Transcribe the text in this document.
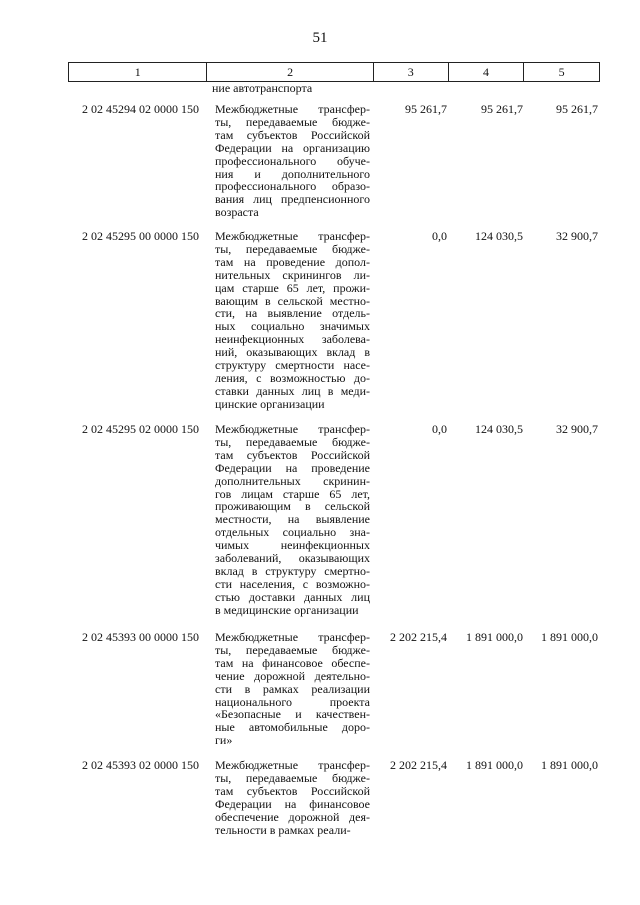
51
1	2	3	4	5
ние автотранспорта
2 02 45294 02 0000 150	Межбюджетные трансфер-
ты, передаваемые бюдже-
там субъектов Российской
Федерации на организацию
профессионального обуче-
ния и дополнительного
профессионального образо-
вания лиц предпенсионного
возраста
95 261,7	95 261,7	95 261,7
2 02 45295 00 0000 150	Межбюджетные трансфер-
ты, передаваемые бюдже-
там на проведение допол-
нительных скринингов ли-
цам старше 65 лет, прожи-
вающим в сельской местно-
сти, на выявление отдель-
ных социально значимых
неинфекционных заболева-
ний, оказывающих вклад в
структуру смертности насе-
ления, с возможностью до-
ставки данных лиц в меди-
цинские организации
0,0	124 030,5	32 900,7
2 02 45295 02 0000 150	Межбюджетные трансфер-
ты, передаваемые бюдже-
там субъектов Российской
Федерации на проведение
дополнительных скринин-
гов лицам старше 65 лет,
проживающим в сельской
местности, на выявление
отдельных социально зна-
чимых неинфекционных
заболеваний, оказывающих
вклад в структуру смертно-
сти населения, с возможно-
стью доставки данных лиц
в медицинские организации
0,0	124 030,5	32 900,7
2 02 45393 00 0000 150	Межбюджетные трансфер-
ты, передаваемые бюдже-
там на финансовое обеспе-
чение дорожной деятельно-
сти в рамках реализации
национального проекта
«Безопасные и качествен-
ные автомобильные доро-
ги»
2 202 215,4	1 891 000,0	1 891 000,0
2 02 45393 02 0000 150	Межбюджетные трансфер-
ты, передаваемые бюдже-
там субъектов Российской
Федерации на финансовое
обеспечение дорожной дея-
тельности в рамках реали-
2 202 215,4	1 891 000,0	1 891 000,0
